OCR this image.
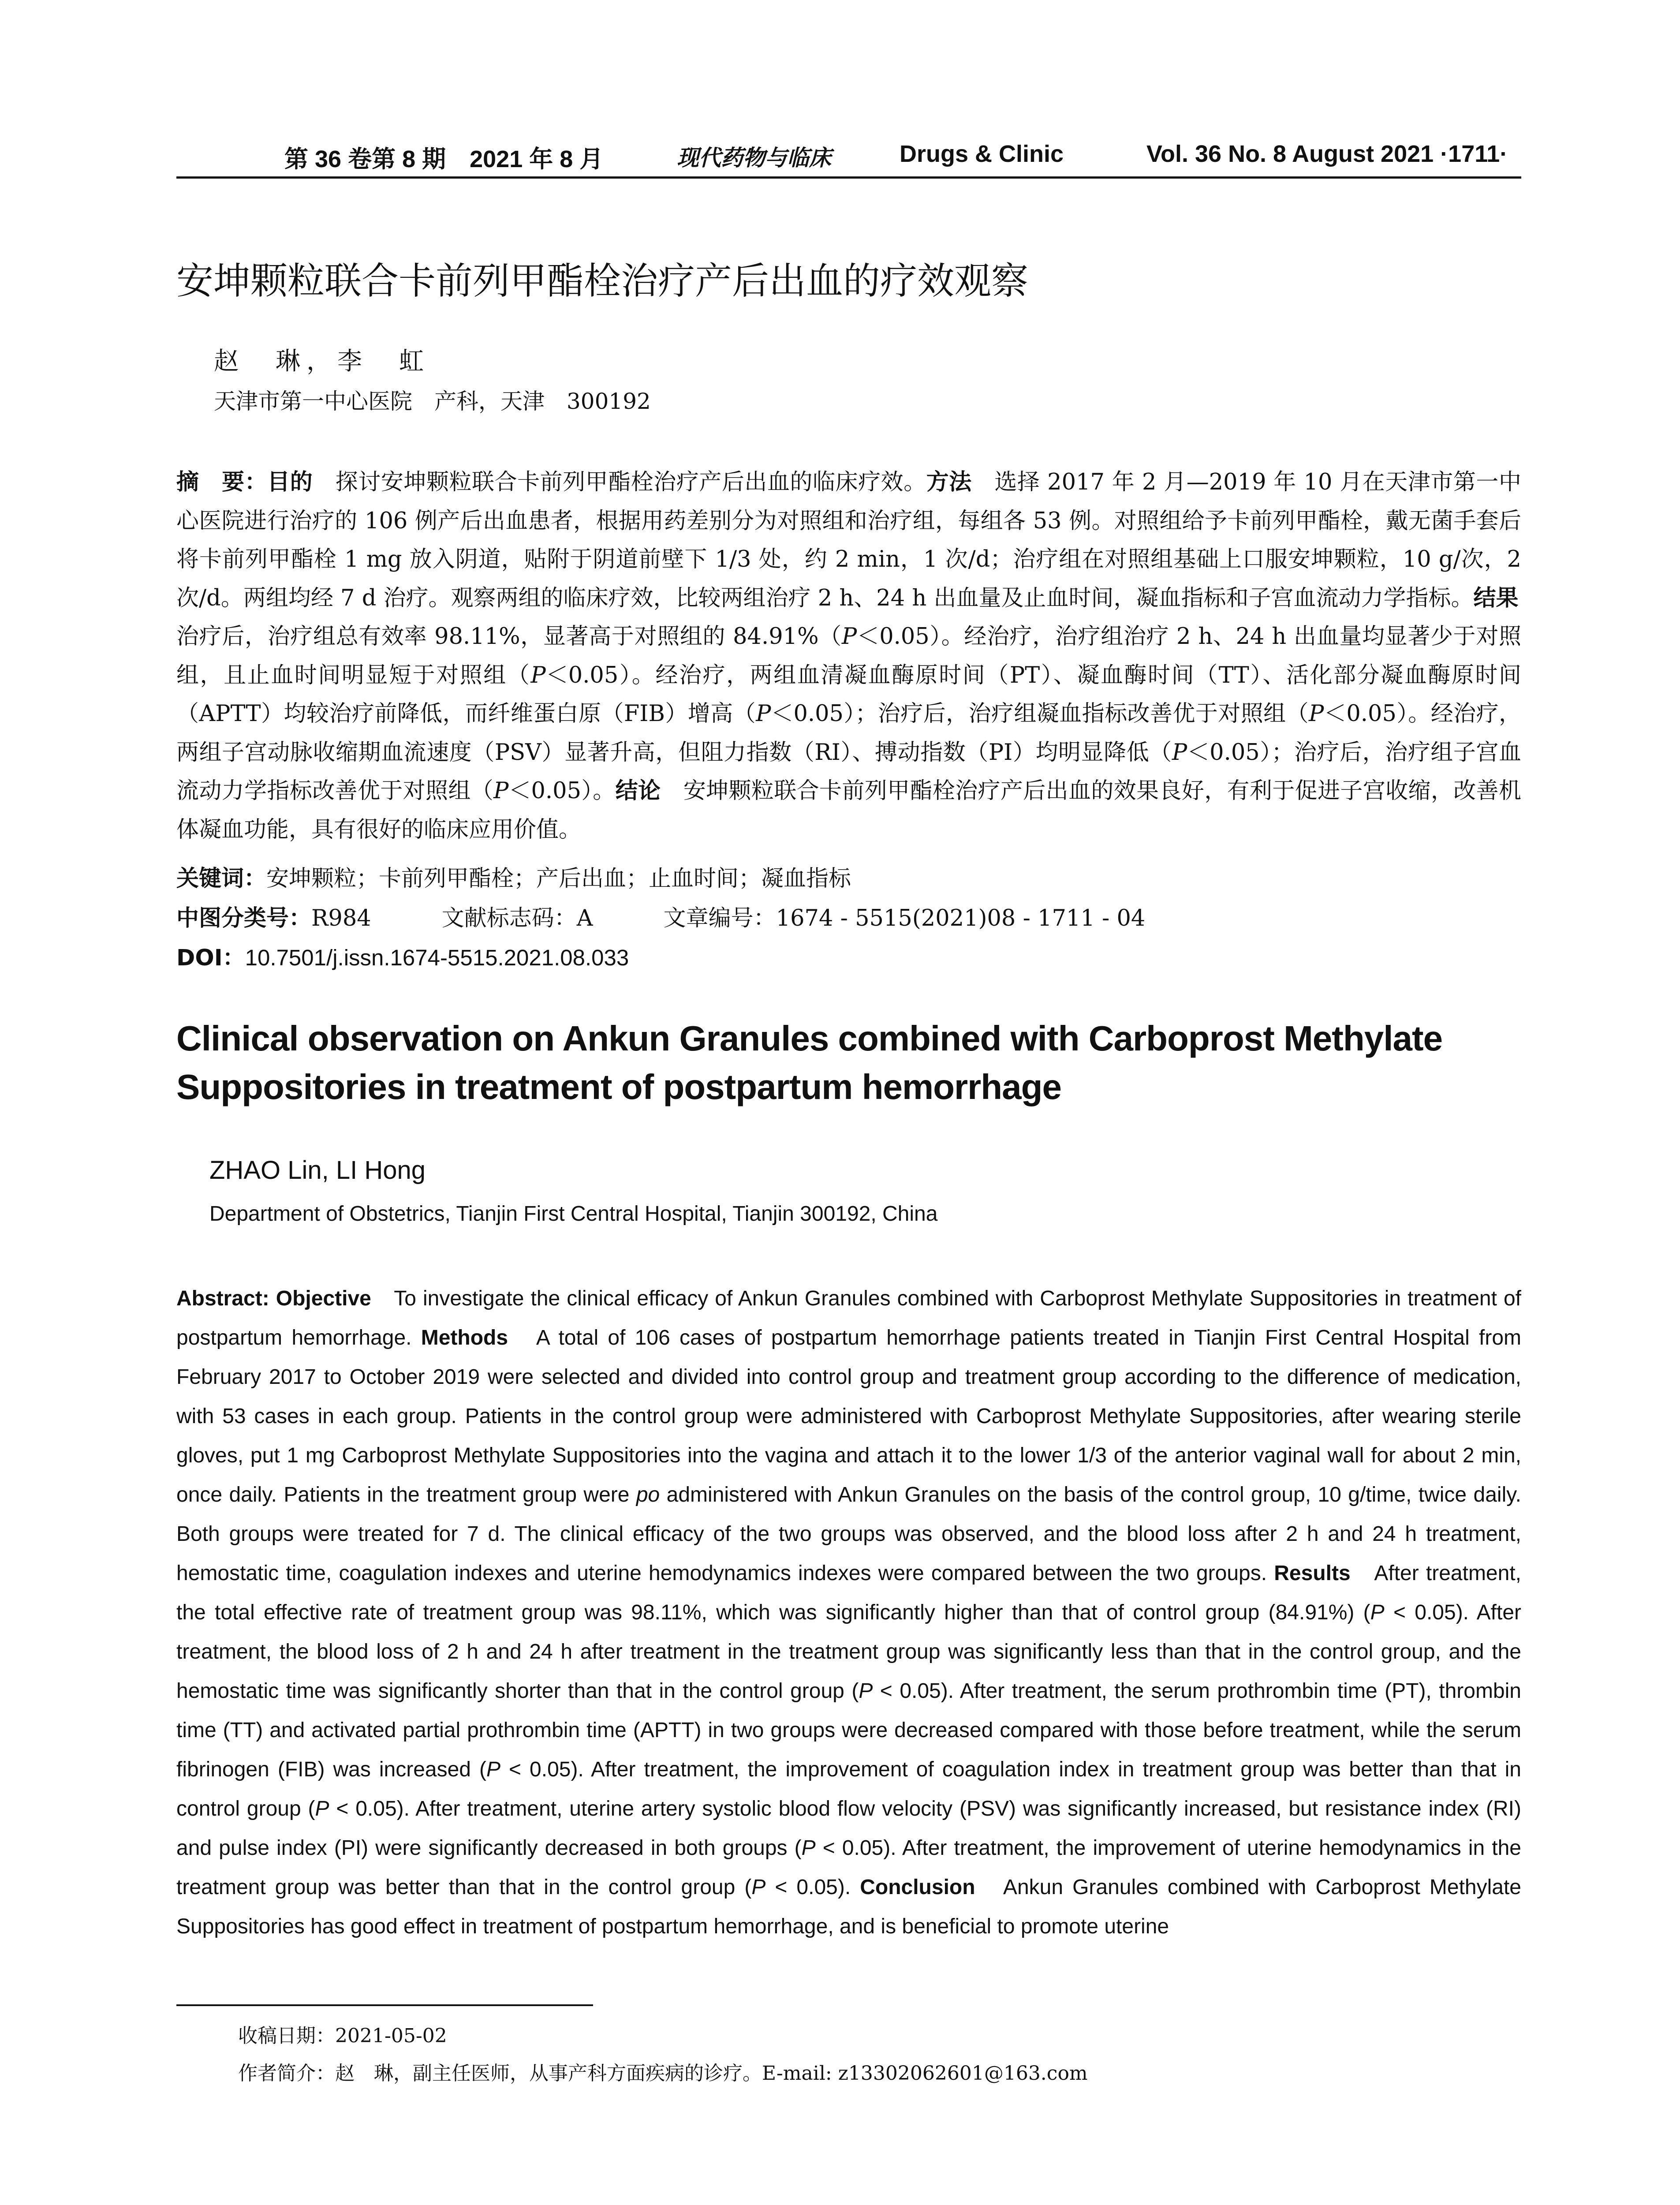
第 36 卷第 8 期　2021 年 8 月	现代药物与临床	Drugs & Clinic	Vol. 36 No. 8 August 2021 ·1711·
安坤颗粒联合卡前列甲酯栓治疗产后出血的疗效观察
赵　琳，李　虹
天津市第一中心医院　产科，天津　300192
摘　要：目的　探讨安坤颗粒联合卡前列甲酯栓治疗产后出血的临床疗效。方法　选择 2017 年 2 月—2019 年 10 月在天津市第一中心医院进行治疗的 106 例产后出血患者，根据用药差别分为对照组和治疗组，每组各 53 例。对照组给予卡前列甲酯栓，戴无菌手套后将卡前列甲酯栓 1 mg 放入阴道，贴附于阴道前壁下 1/3 处，约 2 min，1 次/d；治疗组在对照组基础上口服安坤颗粒，10 g/次，2 次/d。两组均经 7 d 治疗。观察两组的临床疗效，比较两组治疗 2 h、24 h 出血量及止血时间，凝血指标和子宫血流动力学指标。结果　治疗后，治疗组总有效率 98.11%，显著高于对照组的 84.91%（P＜0.05）。经治疗，治疗组治疗 2 h、24 h 出血量均显著少于对照组，且止血时间明显短于对照组（P＜0.05）。经治疗，两组血清凝血酶原时间（PT）、凝血酶时间（TT）、活化部分凝血酶原时间（APTT）均较治疗前降低，而纤维蛋白原（FIB）增高（P＜0.05）；治疗后，治疗组凝血指标改善优于对照组（P＜0.05）。经治疗，两组子宫动脉收缩期血流速度（PSV）显著升高，但阻力指数（RI）、搏动指数（PI）均明显降低（P＜0.05）；治疗后，治疗组子宫血流动力学指标改善优于对照组（P＜0.05）。结论　安坤颗粒联合卡前列甲酯栓治疗产后出血的效果良好，有利于促进子宫收缩，改善机体凝血功能，具有很好的临床应用价值。
关键词：安坤颗粒；卡前列甲酯栓；产后出血；止血时间；凝血指标
中图分类号：R984	文献标志码：A	文章编号：1674 - 5515(2021)08 - 1711 - 04
DOI：10.7501/j.issn.1674-5515.2021.08.033
Clinical observation on Ankun Granules combined with Carboprost Methylate Suppositories in treatment of postpartum hemorrhage
ZHAO Lin, LI Hong
Department of Obstetrics, Tianjin First Central Hospital, Tianjin 300192, China
Abstract: Objective　To investigate the clinical efficacy of Ankun Granules combined with Carboprost Methylate Suppositories in treatment of postpartum hemorrhage. Methods　A total of 106 cases of postpartum hemorrhage patients treated in Tianjin First Central Hospital from February 2017 to October 2019 were selected and divided into control group and treatment group according to the difference of medication, with 53 cases in each group. Patients in the control group were administered with Carboprost Methylate Suppositories, after wearing sterile gloves, put 1 mg Carboprost Methylate Suppositories into the vagina and attach it to the lower 1/3 of the anterior vaginal wall for about 2 min, once daily. Patients in the treatment group were po administered with Ankun Granules on the basis of the control group, 10 g/time, twice daily. Both groups were treated for 7 d. The clinical efficacy of the two groups was observed, and the blood loss after 2 h and 24 h treatment, hemostatic time, coagulation indexes and uterine hemodynamics indexes were compared between the two groups. Results　After treatment, the total effective rate of treatment group was 98.11%, which was significantly higher than that of control group (84.91%) (P < 0.05). After treatment, the blood loss of 2 h and 24 h after treatment in the treatment group was significantly less than that in the control group, and the hemostatic time was significantly shorter than that in the control group (P < 0.05). After treatment, the serum prothrombin time (PT), thrombin time (TT) and activated partial prothrombin time (APTT) in two groups were decreased compared with those before treatment, while the serum fibrinogen (FIB) was increased (P < 0.05). After treatment, the improvement of coagulation index in treatment group was better than that in control group (P < 0.05). After treatment, uterine artery systolic blood flow velocity (PSV) was significantly increased, but resistance index (RI) and pulse index (PI) were significantly decreased in both groups (P < 0.05). After treatment, the improvement of uterine hemodynamics in the treatment group was better than that in the control group (P < 0.05). Conclusion　Ankun Granules combined with Carboprost Methylate Suppositories has good effect in treatment of postpartum hemorrhage, and is beneficial to promote uterine
收稿日期：2021-05-02
作者简介：赵　琳，副主任医师，从事产科方面疾病的诊疗。E-mail: z13302062601@163.com
